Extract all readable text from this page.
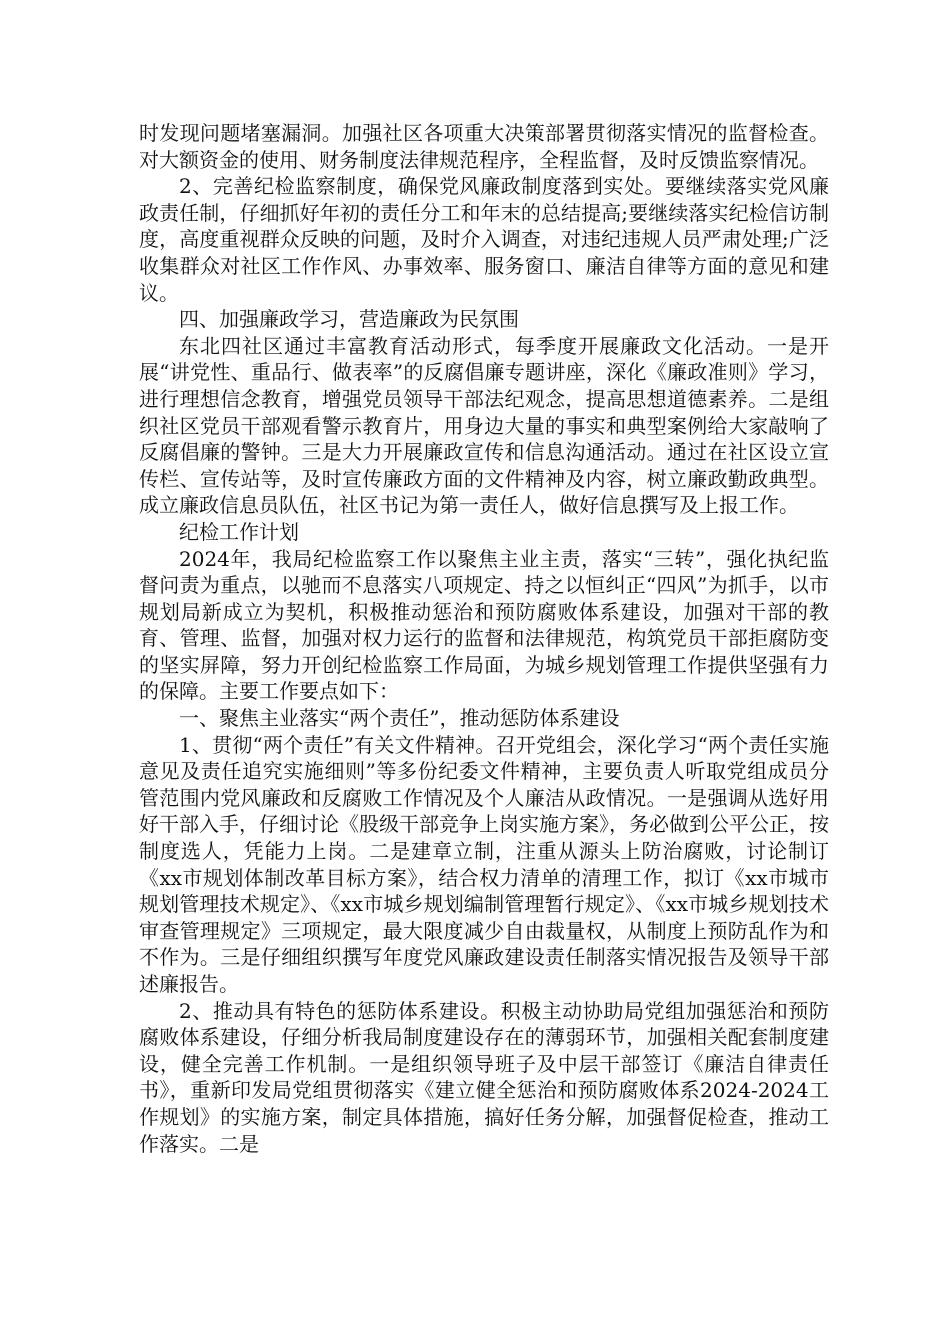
时发现问题堵塞漏洞。加强社区各项重大决策部署贯彻落实情况的监督检查。对大额资金的使用、财务制度法律规范程序，全程监督，及时反馈监察情况。

2、完善纪检监察制度，确保党风廉政制度落到实处。要继续落实党风廉政责任制，仔细抓好年初的责任分工和年末的总结提高;要继续落实纪检信访制度，高度重视群众反映的问题，及时介入调查，对违纪违规人员严肃处理;广泛收集群众对社区工作作风、办事效率、服务窗口、廉洁自律等方面的意见和建议。

四、加强廉政学习，营造廉政为民氛围

东北四社区通过丰富教育活动形式，每季度开展廉政文化活动。一是开展“讲党性、重品行、做表率”的反腐倡廉专题讲座，深化《廉政准则》学习，进行理想信念教育，增强党员领导干部法纪观念，提高思想道德素养。二是组织社区党员干部观看警示教育片，用身边大量的事实和典型案例给大家敲响了反腐倡廉的警钟。三是大力开展廉政宣传和信息沟通活动。通过在社区设立宣传栏、宣传站等，及时宣传廉政方面的文件精神及内容，树立廉政勤政典型。成立廉政信息员队伍，社区书记为第一责任人，做好信息撰写及上报工作。

纪检工作计划

2024年，我局纪检监察工作以聚焦主业主责，落实“三转”，强化执纪监督问责为重点，以驰而不息落实八项规定、持之以恒纠正“四风”为抓手，以市规划局新成立为契机，积极推动惩治和预防腐败体系建设，加强对干部的教育、管理、监督，加强对权力运行的监督和法律规范，构筑党员干部拒腐防变的坚实屏障，努力开创纪检监察工作局面，为城乡规划管理工作提供坚强有力的保障。主要工作要点如下：

一、聚焦主业落实“两个责任”，推动惩防体系建设

1、贯彻“两个责任”有关文件精神。召开党组会，深化学习“两个责任实施意见及责任追究实施细则”等多份纪委文件精神，主要负责人听取党组成员分管范围内党风廉政和反腐败工作情况及个人廉洁从政情况。一是强调从选好用好干部入手，仔细讨论《股级干部竞争上岗实施方案》，务必做到公平公正，按制度选人，凭能力上岗。二是建章立制，注重从源头上防治腐败，讨论制订《xx市规划体制改革目标方案》，结合权力清单的清理工作，拟订《xx市城市规划管理技术规定》、《xx市城乡规划编制管理暂行规定》、《xx市城乡规划技术审查管理规定》三项规定，最大限度减少自由裁量权，从制度上预防乱作为和不作为。三是仔细组织撰写年度党风廉政建设责任制落实情况报告及领导干部述廉报告。

2、推动具有特色的惩防体系建设。积极主动协助局党组加强惩治和预防腐败体系建设，仔细分析我局制度建设存在的薄弱环节，加强相关配套制度建设，健全完善工作机制。一是组织领导班子及中层干部签订《廉洁自律责任书》，重新印发局党组贯彻落实《建立健全惩治和预防腐败体系2024-2024工作规划》的实施方案，制定具体措施，搞好任务分解，加强督促检查，推动工作落实。二是
